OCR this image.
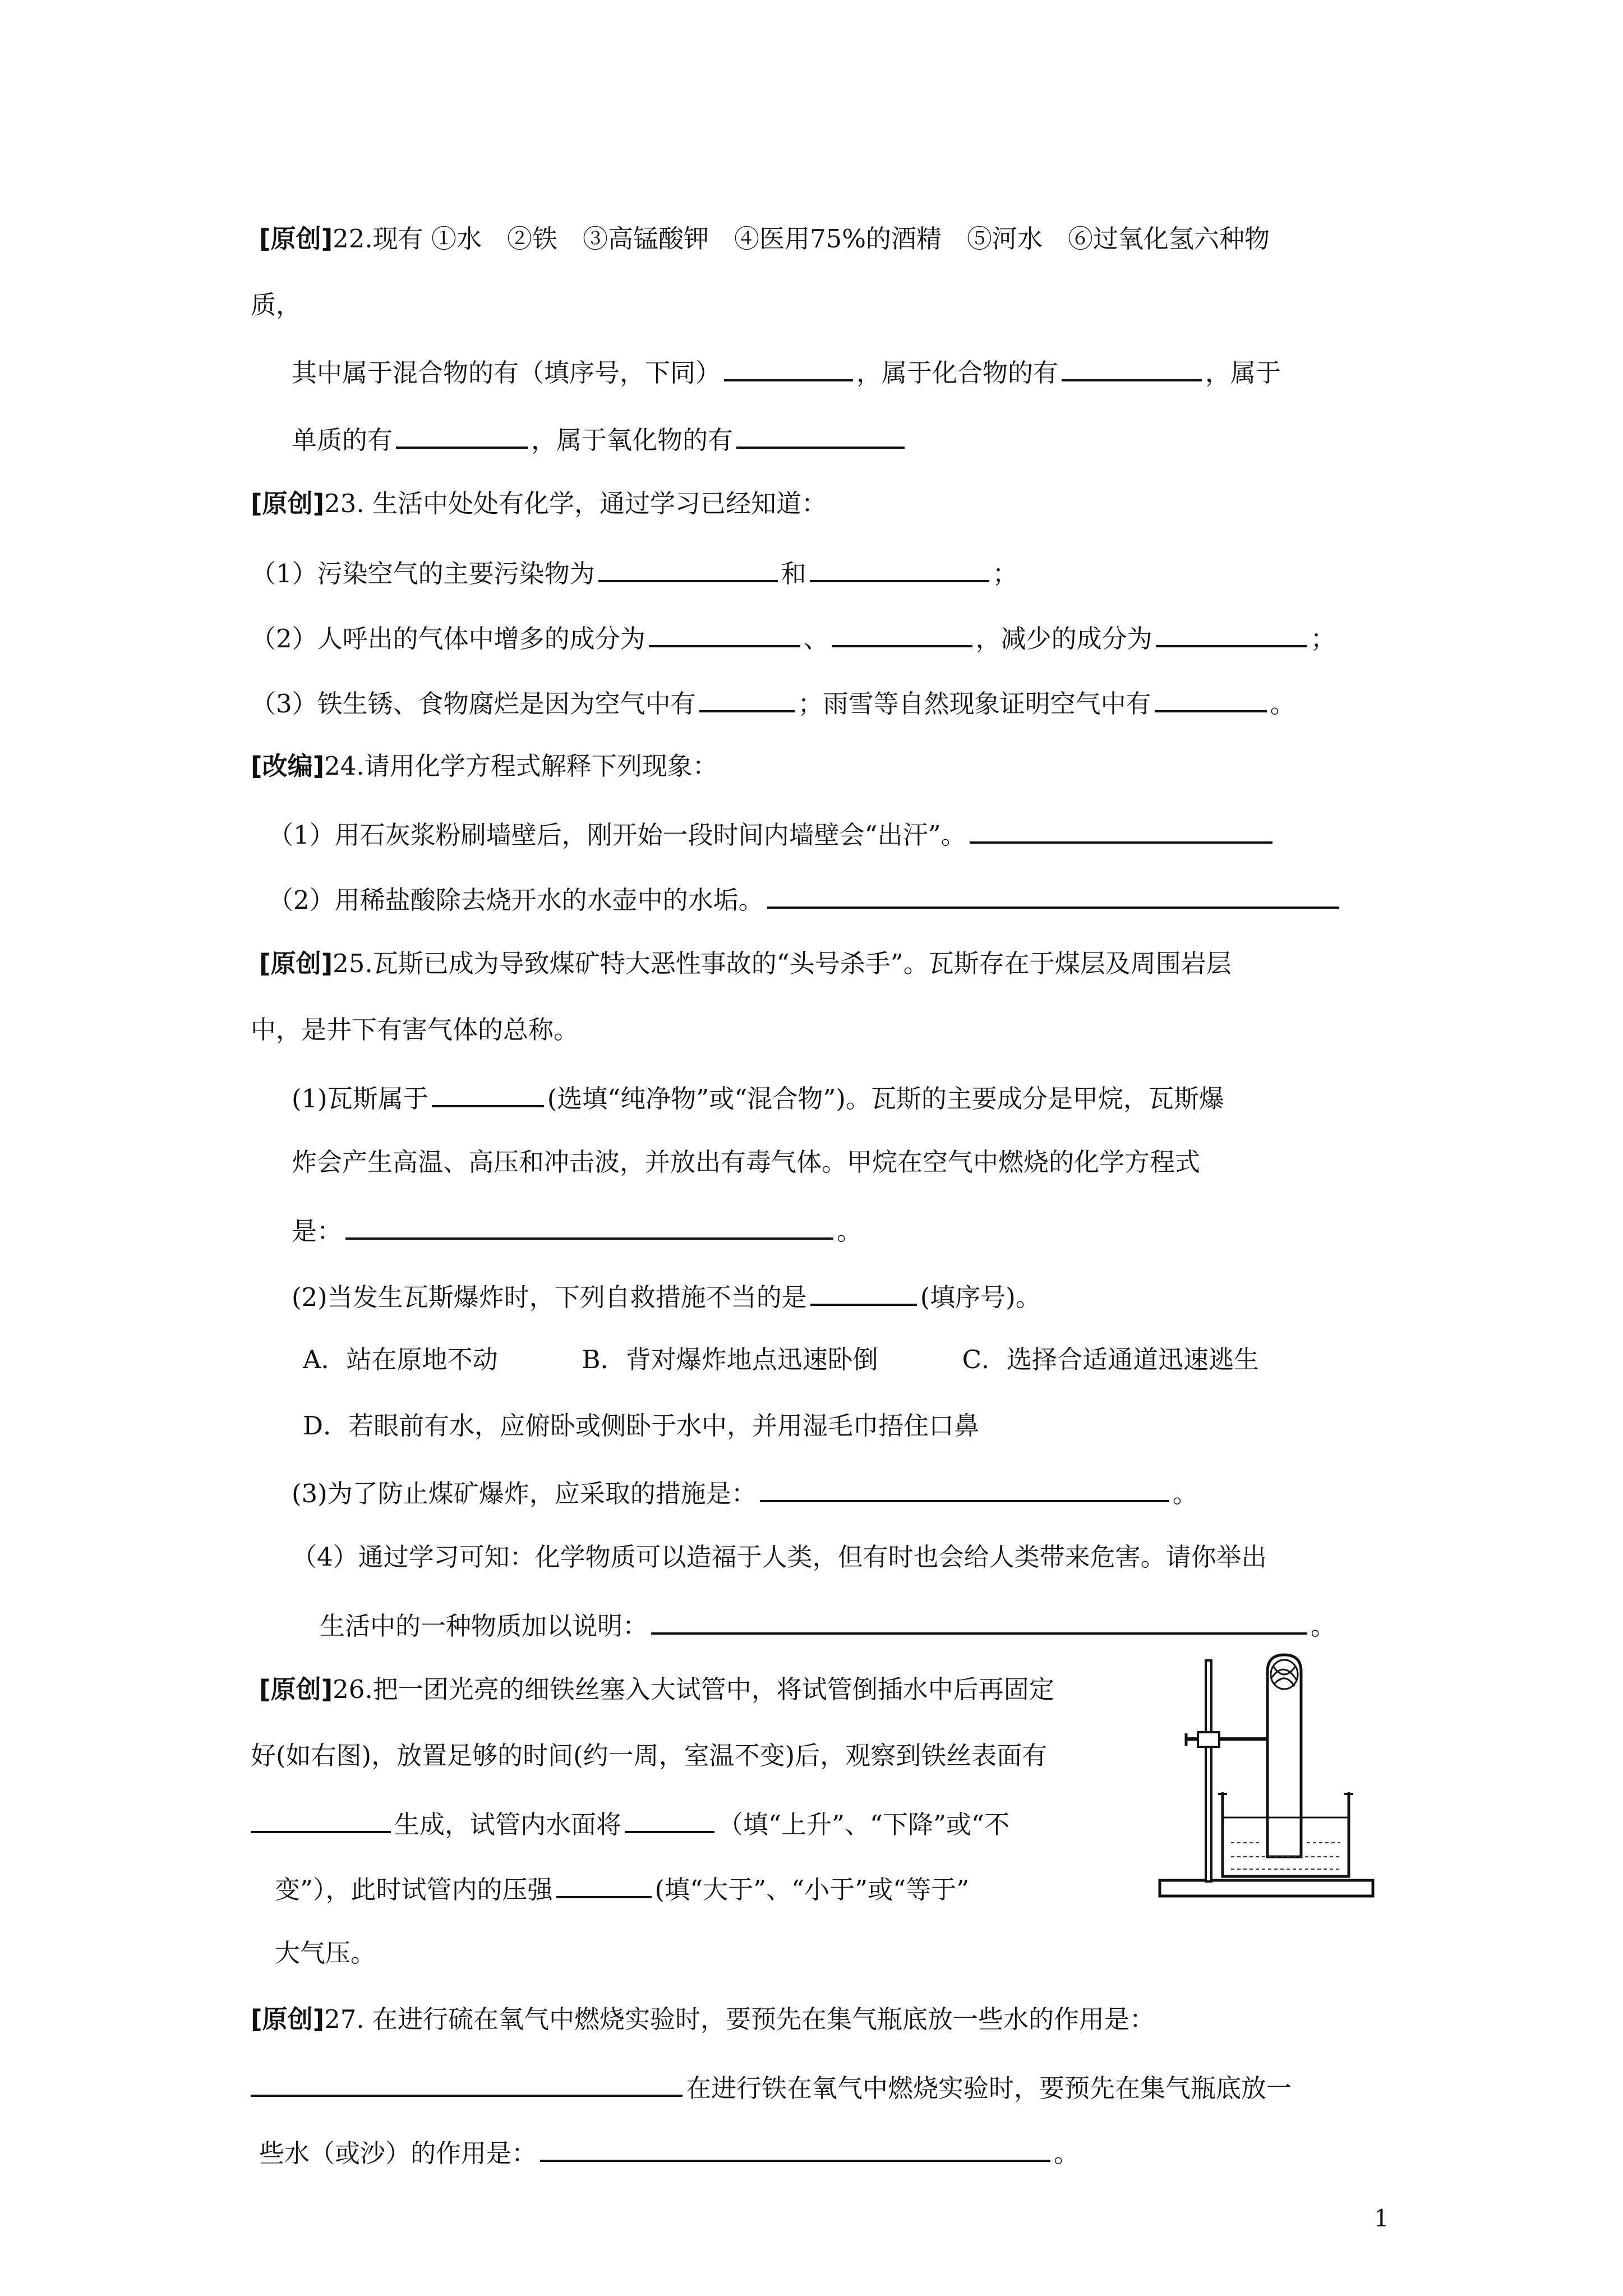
[原创]22.现有 ①水　②铁　③高锰酸钾　④医用75%的酒精　⑤河水　⑥过氧化氢六种物
质，
其中属于混合物的有（填序号，下同）	，属于化合物的有	，属于
单质的有	，属于氧化物的有
[原创]23. 生活中处处有化学，通过学习已经知道：
（1）污染空气的主要污染物为	和	；
（2）人呼出的气体中增多的成分为	、	，减少的成分为	；
（3）铁生锈、食物腐烂是因为空气中有	；雨雪等自然现象证明空气中有	。
[改编]24.请用化学方程式解释下列现象：
（1）用石灰浆粉刷墙壁后，刚开始一段时间内墙壁会“出汗”。
（2）用稀盐酸除去烧开水的水壶中的水垢。
[原创]25.瓦斯已成为导致煤矿特大恶性事故的“头号杀手”。瓦斯存在于煤层及周围岩层
中，是井下有害气体的总称。
(1)瓦斯属于	(选填“纯净物”或“混合物”)。瓦斯的主要成分是甲烷，瓦斯爆
炸会产生高温、高压和冲击波，并放出有毒气体。甲烷在空气中燃烧的化学方程式
是：	。
(2)当发生瓦斯爆炸时，下列自救措施不当的是	(填序号)。
A．站在原地不动	B．背对爆炸地点迅速卧倒	C．选择合适通道迅速逃生
D．若眼前有水，应俯卧或侧卧于水中，并用湿毛巾捂住口鼻
(3)为了防止煤矿爆炸，应采取的措施是：	。
（4）通过学习可知：化学物质可以造福于人类，但有时也会给人类带来危害。请你举出
生活中的一种物质加以说明：	。
[原创]26.把一团光亮的细铁丝塞入大试管中，将试管倒插水中后再固定
好(如右图)，放置足够的时间(约一周，室温不变)后，观察到铁丝表面有
生成，试管内水面将	（填“上升”、“下降”或“不
变”），此时试管内的压强	(填“大于”、“小于”或“等于”
大气压。
[原创]27. 在进行硫在氧气中燃烧实验时，要预先在集气瓶底放一些水的作用是：
在进行铁在氧气中燃烧实验时，要预先在集气瓶底放一
些水（或沙）的作用是：	。
1
